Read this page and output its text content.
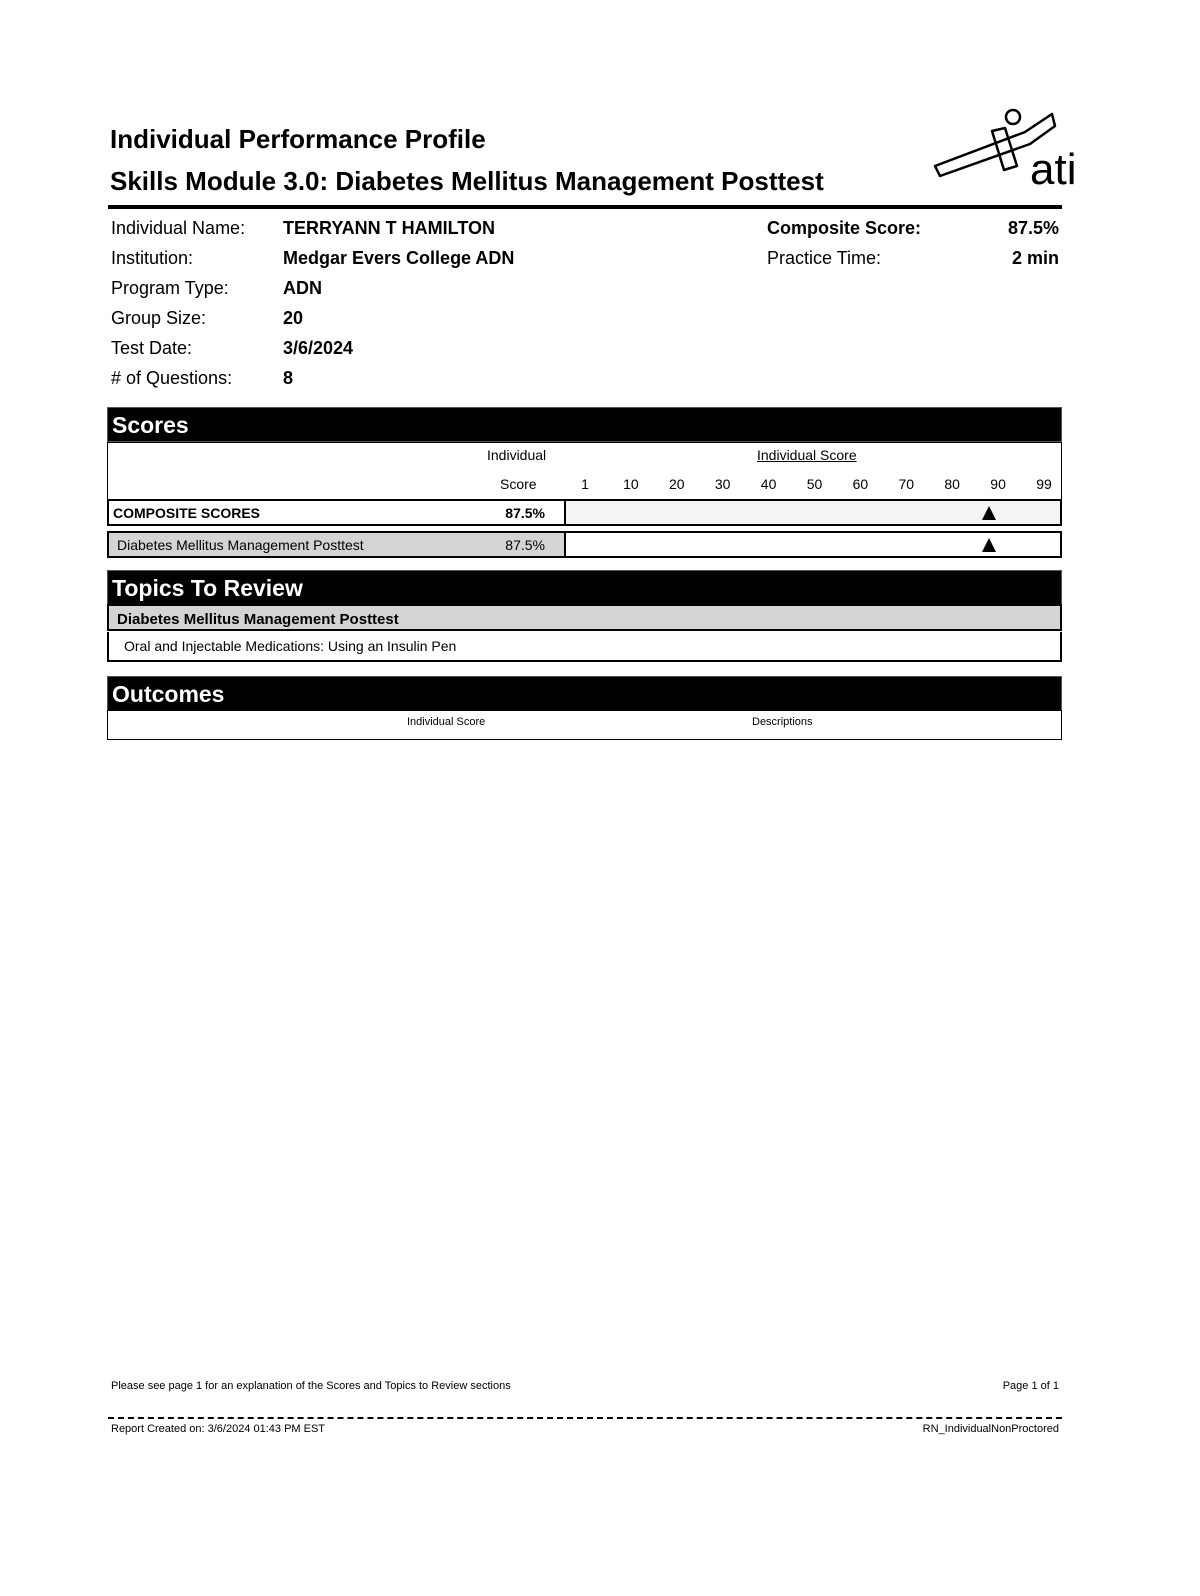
Individual Performance Profile
Skills Module 3.0: Diabetes Mellitus Management Posttest	ati
Individual Name: TERRYANN T HAMILTON
Institution:	Medgar Evers College ADN
Program Type:	ADN
Group Size:	20
Test Date:	3/6/2024
# of Questions:	8
Composite Score:	87.5%
Practice Time:	2 min
Scores
Individual
Score
Individual Score
1 10 20 30 40 50 60 70 80 90 99
COMPOSITE SCORES	87.5%
Diabetes Mellitus Management Posttest	87.5%
Topics To Review
Diabetes Mellitus Management Posttest
Oral and Injectable Medications: Using an Insulin Pen
Outcomes
Individual Score	Descriptions
Please see page 1 for an explanation of the Scores and Topics to Review sections	Page 1 of 1
Report Created on: 3/6/2024 01:43 PM EST	RN_IndividualNonProctored
